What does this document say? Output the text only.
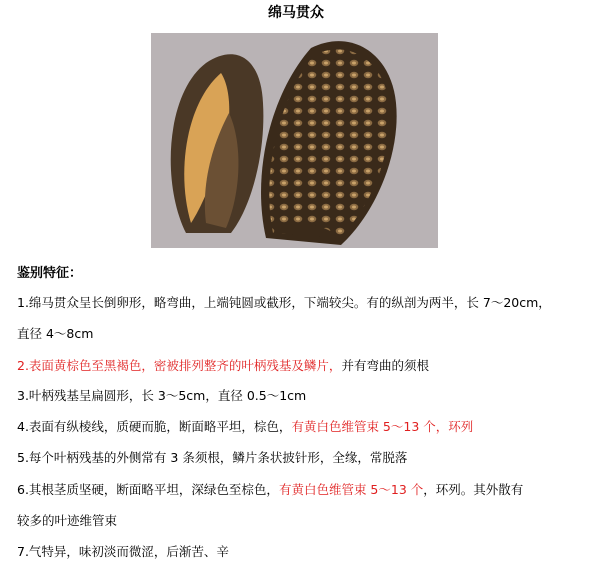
绵马贯众
鉴别特征：
1.绵马贯众呈长倒卵形，略弯曲，上端钝圆或截形，下端较尖。有的纵剖为两半，长 7～20cm，
直径 4～8cm
2.表面黄棕色至黑褐色，密被排列整齐的叶柄残基及鳞片，并有弯曲的须根
3.叶柄残基呈扁圆形，长 3～5cm，直径 0.5～1cm
4.表面有纵棱线，质硬而脆，断面略平坦，棕色，有黄白色维管束 5～13 个，环列
5.每个叶柄残基的外侧常有 3 条须根，鳞片条状披针形，全缘，常脱落
6.其根茎质坚硬，断面略平坦，深绿色至棕色，有黄白色维管束 5～13 个，环列。其外散有
较多的叶迹维管束
7.气特异，味初淡而微涩，后渐苦、辛
